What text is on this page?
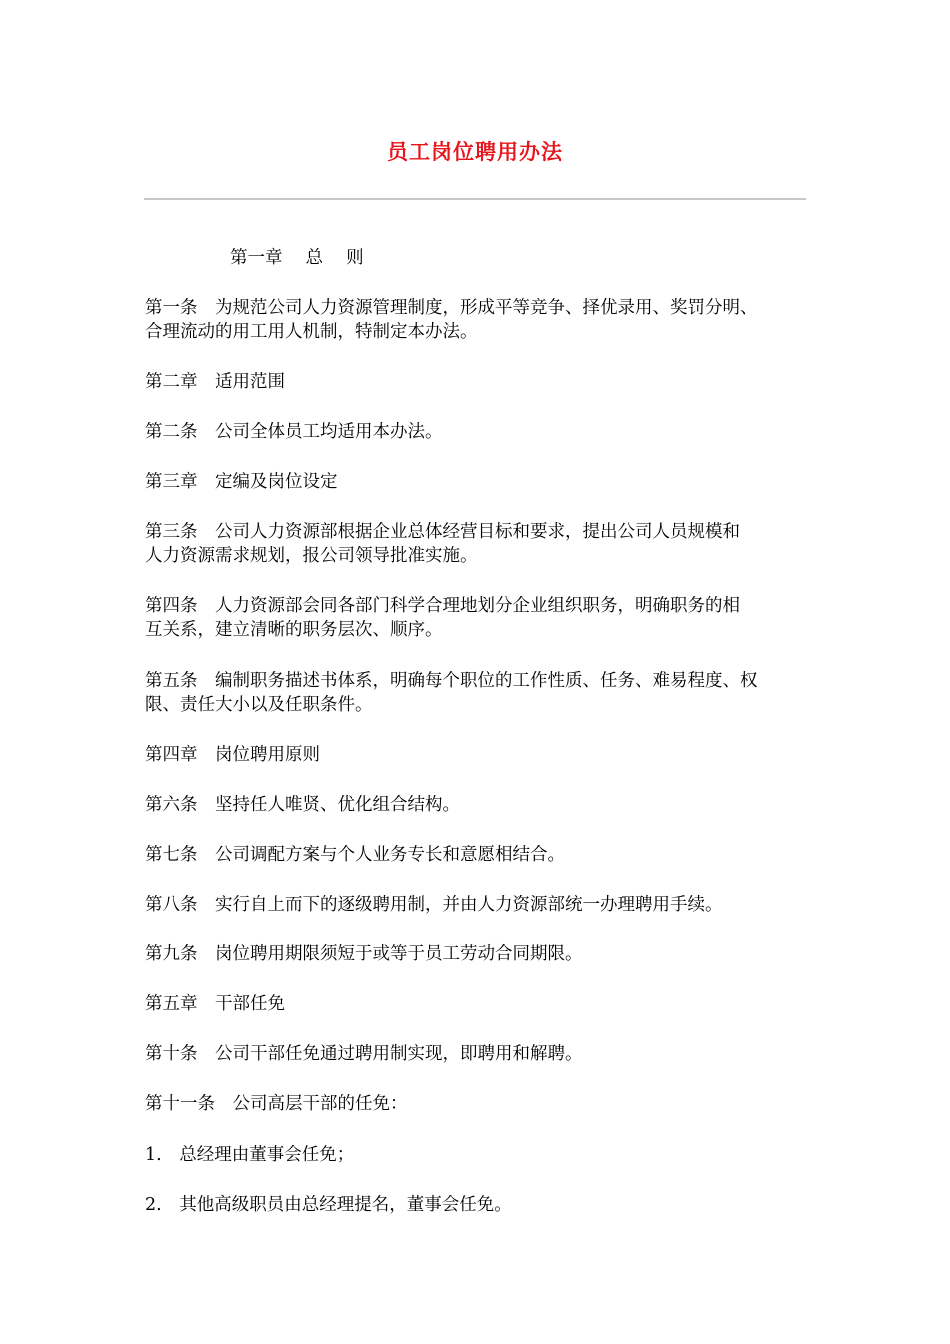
员工岗位聘用办法
第一章　 总　 则
第一条　为规范公司人力资源管理制度，形成平等竞争、择优录用、奖罚分明、
合理流动的用工用人机制，特制定本办法。
第二章　适用范围
第二条　公司全体员工均适用本办法。
第三章　定编及岗位设定
第三条　公司人力资源部根据企业总体经营目标和要求，提出公司人员规模和
人力资源需求规划，报公司领导批准实施。
第四条　人力资源部会同各部门科学合理地划分企业组织职务，明确职务的相
互关系，建立清晰的职务层次、顺序。
第五条　编制职务描述书体系，明确每个职位的工作性质、任务、难易程度、权
限、责任大小以及任职条件。
第四章　岗位聘用原则
第六条　坚持任人唯贤、优化组合结构。
第七条　公司调配方案与个人业务专长和意愿相结合。
第八条　实行自上而下的逐级聘用制，并由人力资源部统一办理聘用手续。
第九条　岗位聘用期限须短于或等于员工劳动合同期限。
第五章　干部任免
第十条　公司干部任免通过聘用制实现，即聘用和解聘。
第十一条　公司高层干部的任免：
1.　总经理由董事会任免；
2.　其他高级职员由总经理提名，董事会任免。
